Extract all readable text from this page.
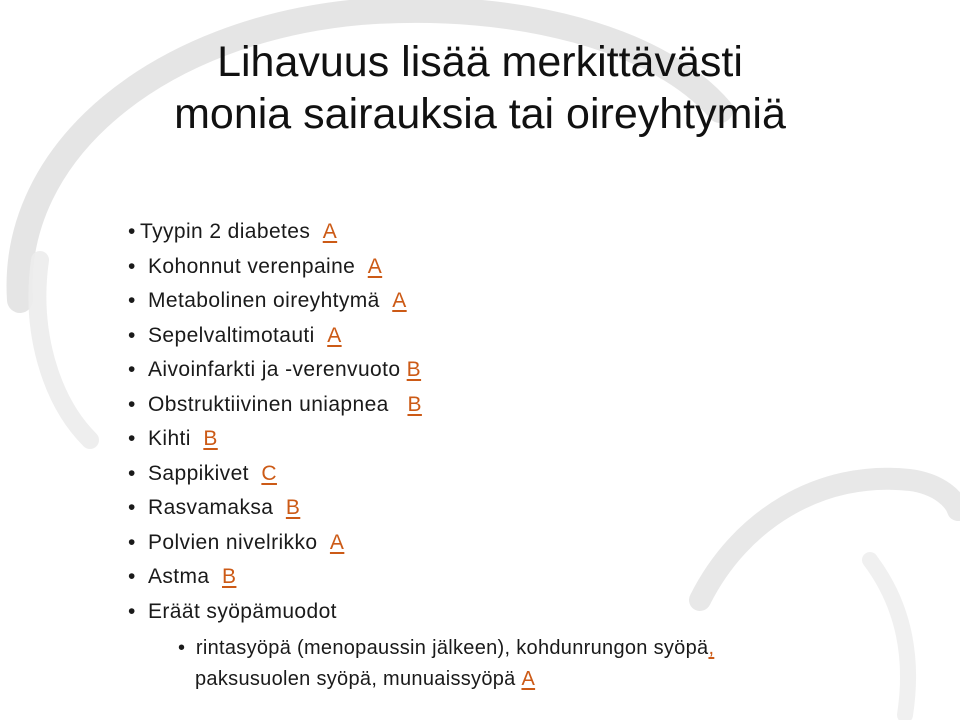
Lihavuus lisää merkittävästi
monia sairauksia tai oireyhtymiä
• Tyypin 2 diabetes A
• Kohonnut verenpaine A
• Metabolinen oireyhtymä A
• Sepelvaltimotauti A
• Aivoinfarkti ja -verenvuoto B
• Obstruktiivinen uniapnea B
• Kihti B
• Sappikivet C
• Rasvamaksa B
• Polvien nivelrikko A
• Astma B
• Eräät syöpämuodot
• rintasyöpä (menopaussin jälkeen), kohdunrungon syöpä,
paksusuolen syöpä, munuaissyöpä A
